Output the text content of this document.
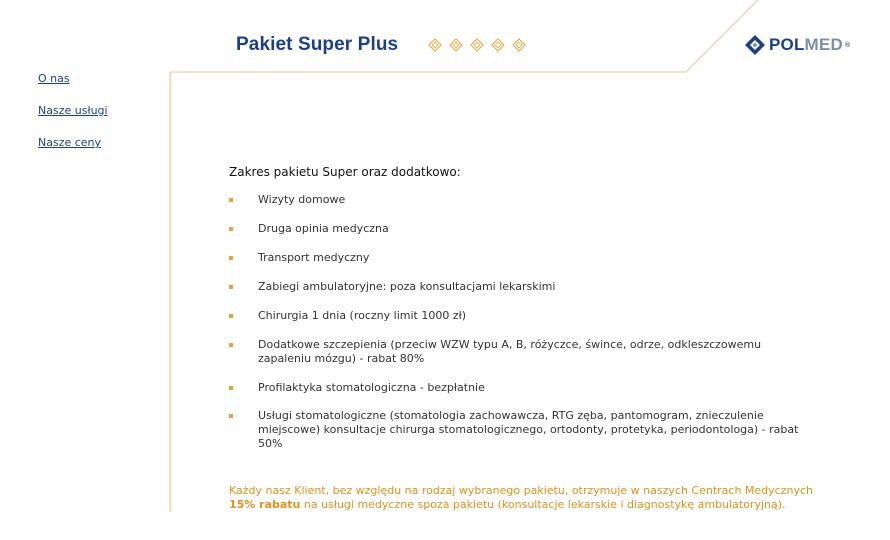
Pakiet Super Plus	POLMED ®
O nas
Nasze usługi
Nasze ceny
Zakres pakietu Super oraz dodatkowo:
Wizyty domowe
Druga opinia medyczna
Transport medyczny
Zabiegi ambulatoryjne: poza konsultacjami lekarskimi
Chirurgia 1 dnia (roczny limit 1000 zł)
Dodatkowe szczepienia (przeciw WZW typu A, B, różyczce, śwince, odrze, odkleszczowemu zapaleniu mózgu) - rabat 80%
Profilaktyka stomatologiczna - bezpłatnie
Usługi stomatologiczne (stomatologia zachowawcza, RTG zęba, pantomogram, znieczulenie miejscowe) konsultacje chirurga stomatologicznego, ortodonty, protetyka, periodontologa) - rabat 50%
Każdy nasz Klient, bez względu na rodzaj wybranego pakietu, otrzymuje w naszych Centrach Medycznych
15% rabatu na usługi medyczne spoza pakietu (konsultacje lekarskie i diagnostykę ambulatoryjną).
